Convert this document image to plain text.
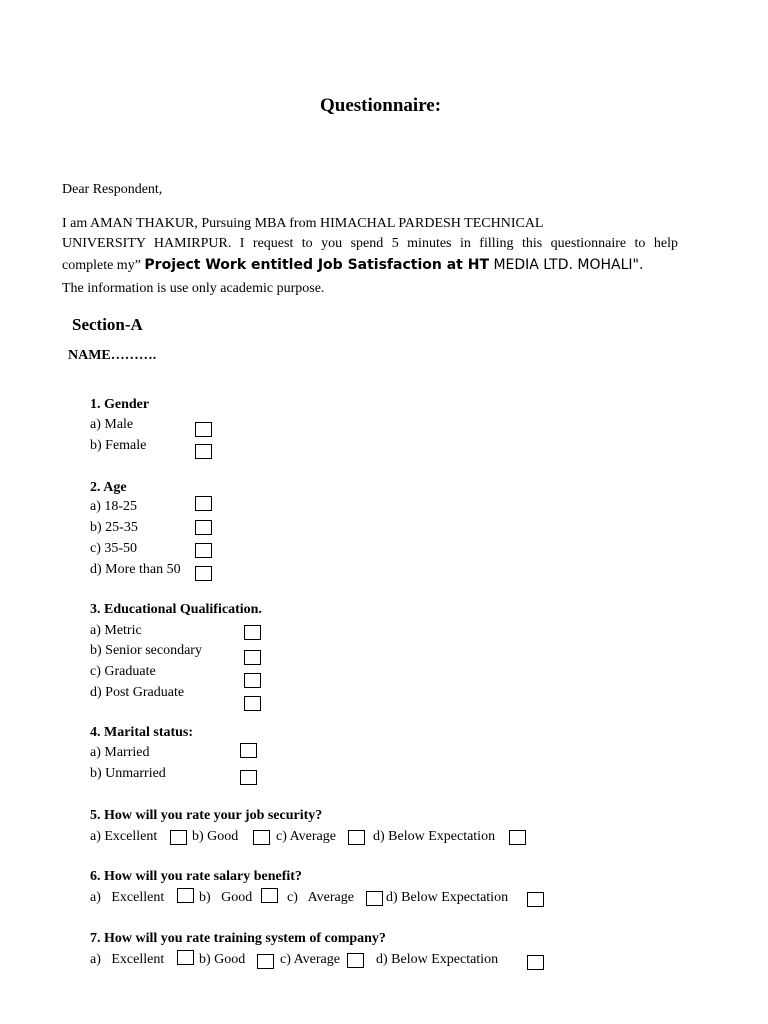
Questionnaire:
Dear Respondent,
I am AMAN THAKUR, Pursuing MBA from HIMACHAL PARDESH TECHNICAL
UNIVERSITY HAMIRPUR. I request to you spend 5 minutes in filling this questionnaire to help
complete my” Project Work entitled Job Satisfaction at HT MEDIA LTD. MOHALI".
The information is use only academic purpose.
Section-A
NAME……….
1. Gender
a) Male
b) Female
2. Age
a) 18-25
b) 25-35
c) 35-50
d) More than 50
3. Educational Qualification.
a) Metric
b) Senior secondary
c) Graduate
d) Post Graduate
4. Marital status:
a) Married
b) Unmarried
5. How will you rate your job security?
a) Excellent b) Good	c) Average	d) Below Expectation
6. How will you rate salary benefit?
a)   Excellent b)   Good c)   Average d) Below Expectation
7. How will you rate training system of company?
a)   Excellent b) Good c) Average	d) Below Expectation
